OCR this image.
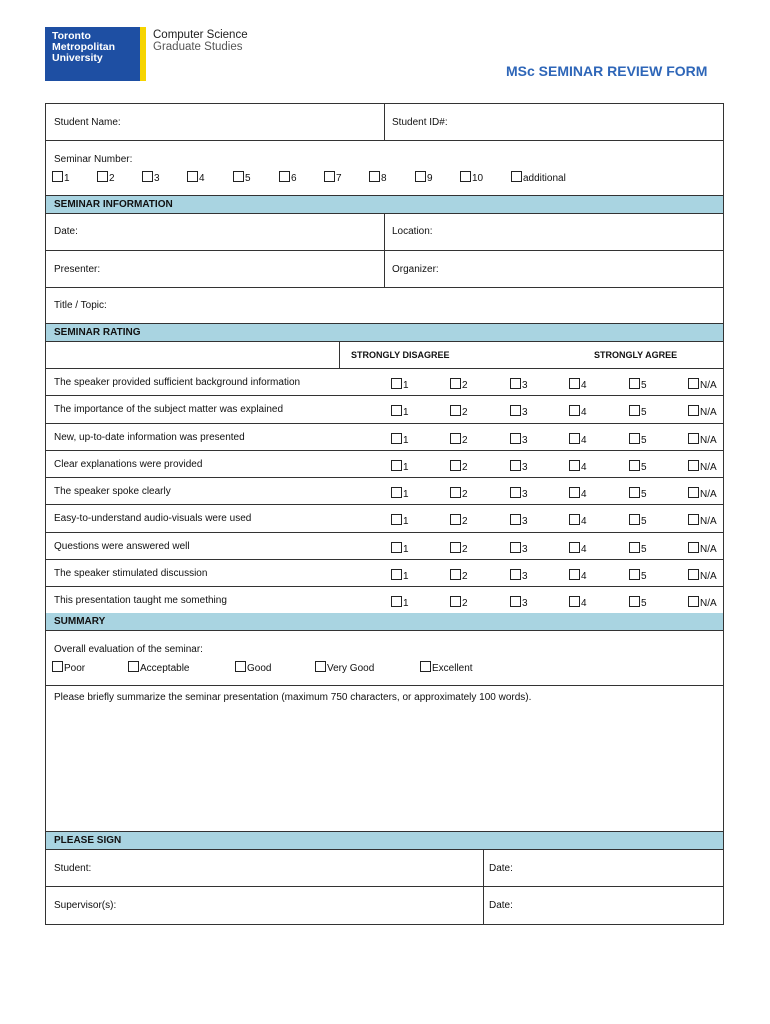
Toronto
Metropolitan
University
Computer Science
Graduate Studies
MSc SEMINAR REVIEW FORM
Student Name:	Student ID#:
Seminar Number:
1	2	3	4	5	6	7	8	9	10	additional
SEMINAR INFORMATION
Date:	Location:
Presenter:	Organizer:
Title / Topic:
SEMINAR RATING
STRONGLY DISAGREE	STRONGLY AGREE
The speaker provided sufficient background information	1	2	3	4	5	N/A
The importance of the subject matter was explained	1	2	3	4	5	N/A
New, up-to-date information was presented	1	2	3	4	5	N/A
Clear explanations were provided	1	2	3	4	5	N/A
The speaker spoke clearly	1	2	3	4	5	N/A
Easy-to-understand audio-visuals were used	1	2	3	4	5	N/A
Questions were answered well	1	2	3	4	5	N/A
The speaker stimulated discussion	1	2	3	4	5	N/A
This presentation taught me something	1	2	3	4	5	N/A
SUMMARY
Overall evaluation of the seminar:
Poor	Acceptable	Good	Very Good	Excellent
Please briefly summarize the seminar presentation (maximum 750 characters, or approximately 100 words).
PLEASE SIGN
Student:	Date:
Supervisor(s):	Date:
